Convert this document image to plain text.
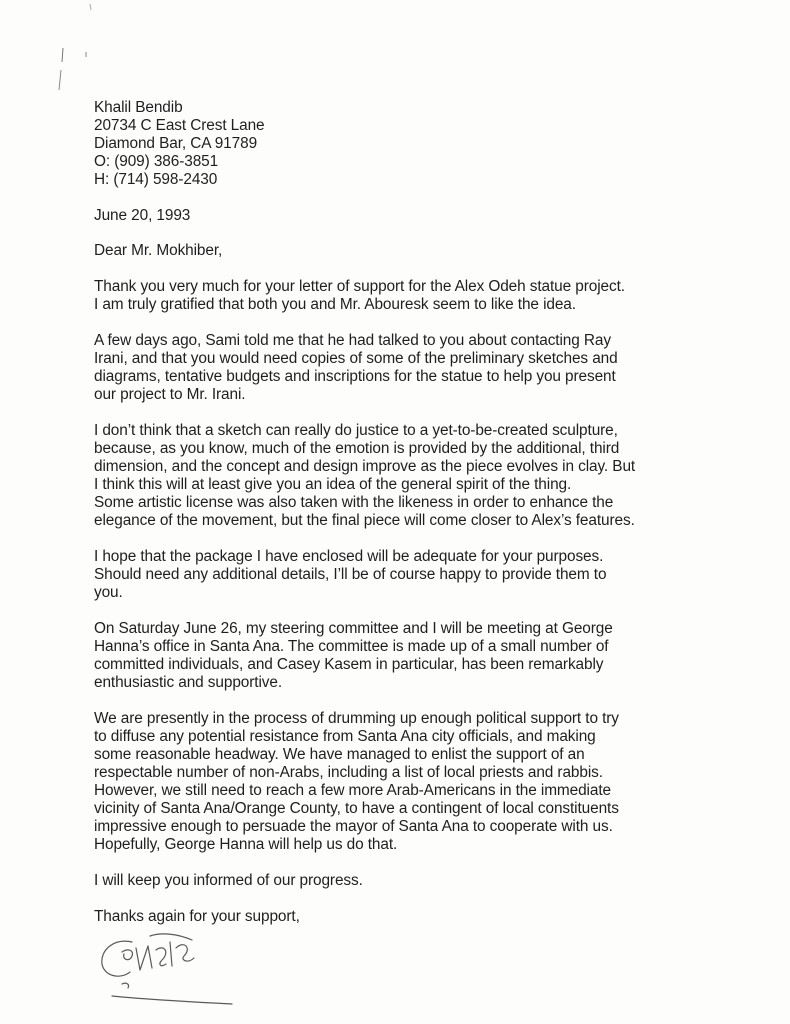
Khalil Bendib
20734 C East Crest Lane
Diamond Bar, CA 91789
O: (909) 386-3851
H: (714) 598-2430
June 20, 1993
Dear Mr. Mokhiber,
Thank you very much for your letter of support for the Alex Odeh statue project.
I am truly gratified that both you and Mr. Abouresk seem to like the idea.
A few days ago, Sami told me that he had talked to you about contacting Ray
Irani, and that you would need copies of some of the preliminary sketches and
diagrams, tentative budgets and inscriptions for the statue to help you present
our project to Mr. Irani.
I don’t think that a sketch can really do justice to a yet-to-be-created sculpture,
because, as you know, much of the emotion is provided by the additional, third
dimension, and the concept and design improve as the piece evolves in clay. But
I think this will at least give you an idea of the general spirit of the thing.
Some artistic license was also taken with the likeness in order to enhance the
elegance of the movement, but the final piece will come closer to Alex’s features.
I hope that the package I have enclosed will be adequate for your purposes.
Should need any additional details, I’ll be of course happy to provide them to
you.
On Saturday June 26, my steering committee and I will be meeting at George
Hanna’s office in Santa Ana. The committee is made up of a small number of
committed individuals, and Casey Kasem in particular, has been remarkably
enthusiastic and supportive.
We are presently in the process of drumming up enough political support to try
to diffuse any potential resistance from Santa Ana city officials, and making
some reasonable headway. We have managed to enlist the support of an
respectable number of non-Arabs, including a list of local priests and rabbis.
However, we still need to reach a few more Arab-Americans in the immediate
vicinity of Santa Ana/Orange County, to have a contingent of local constituents
impressive enough to persuade the mayor of Santa Ana to cooperate with us.
Hopefully, George Hanna will help us do that.
I will keep you informed of our progress.
Thanks again for your support,
